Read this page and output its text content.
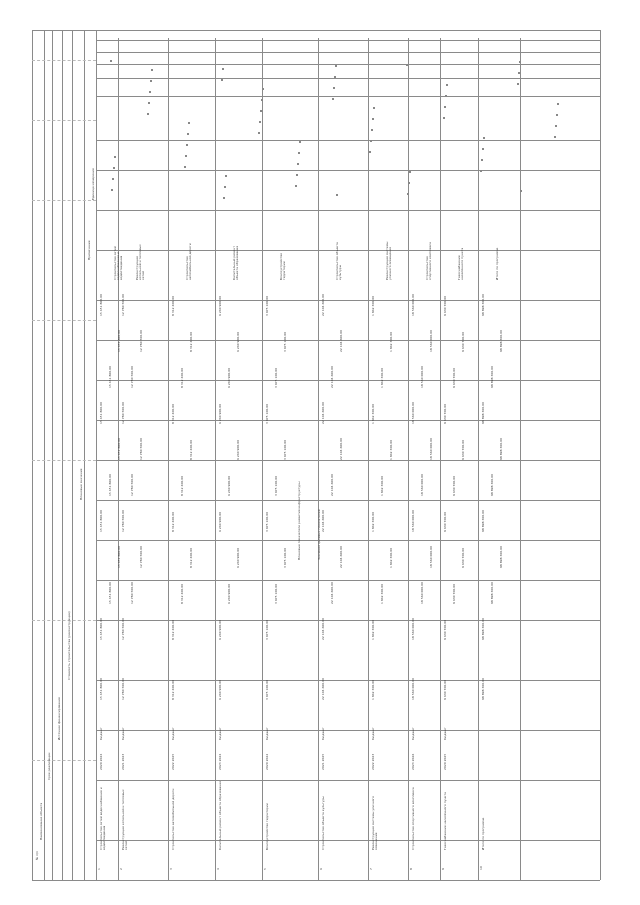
№ п/п
Наименование объекта
Срок реализации
Источник финансирования
Стоимость строительства (реконструкции)
Плановые значения
Примечание
Единица измерения
1
Строительство сетей водоснабжения и водоотведения
2020 2024
бюджет
15 451 800,00
15 451 800,00
15 451 800,00
15 451 800,00
15 451 800,00
15 451 800,00
15 451 800,00
15 451 800,00
15 451 800,00
15 451 800,00
15 451 800,00
Строительство сетей водоснабжения и водоотведения
2
Реконструкция котельной и тепловых сетей
2021 2023
бюджет
12 780 500,00
12 780 500,00
12 780 500,00
12 780 500,00
12 780 500,00
12 780 500,00
12 780 500,00
12 780 500,00
12 780 500,00
12 780 500,00
12 780 500,00
Реконструкция котельной и тепловых сетей
3
Строительство автомобильной дороги
2022 2025
бюджет
8 312 400,00
8 312 400,00
8 312 400,00
8 312 400,00
8 312 400,00
8 312 400,00
8 312 400,00
8 312 400,00
8 312 400,00
8 312 400,00
8 312 400,00
Строительство автомобильной дороги
4
Капитальный ремонт объекта образования
2023 2024
бюджет
6 240 900,00
6 240 900,00
6 240 900,00
6 240 900,00
6 240 900,00
6 240 900,00
6 240 900,00
6 240 900,00
6 240 900,00
6 240 900,00
6 240 900,00
Капитальный ремонт объекта образования
5
Благоустройство территории
2020 2022
бюджет
3 975 100,00
3 975 100,00
3 975 100,00
3 975 100,00
3 975 100,00
3 975 100,00
3 975 100,00
3 975 100,00
3 975 100,00
3 975 100,00
3 975 100,00
Благоустройство территории
6
Строительство объекта культуры
2021 2025
бюджет
22 104 600,00
22 104 600,00
22 104 600,00
22 104 600,00
22 104 600,00
22 104 600,00
22 104 600,00
22 104 600,00
22 104 600,00
22 104 600,00
22 104 600,00
Строительство объекта культуры
7
Реконструкция системы уличного освещения
2022 2023
бюджет
1 842 300,00
1 842 300,00
1 842 300,00
1 842 300,00
1 842 300,00
1 842 300,00
1 842 300,00
1 842 300,00
1 842 300,00
1 842 300,00
1 842 300,00
Реконструкция системы уличного освещения
8
Строительство спортивного комплекса
2023 2026
бюджет
18 560 000,00
18 560 000,00
18 560 000,00
18 560 000,00
18 560 000,00
18 560 000,00
18 560 000,00
18 560 000,00
18 560 000,00
18 560 000,00
18 560 000,00
Строительство спортивного комплекса
9
Газоснабжение населённого пункта
2020 2025
бюджет
9 630 700,00
9 630 700,00
9 630 700,00
9 630 700,00
9 630 700,00
9 630 700,00
9 630 700,00
9 630 700,00
9 630 700,00
9 630 700,00
9 630 700,00
Газоснабжение населённого пункта
10
Итого по программе
98 898 300,00
98 898 300,00
98 898 300,00
98 898 300,00
98 898 300,00
98 898 300,00
98 898 300,00
98 898 300,00
98 898 300,00
98 898 300,00
98 898 300,00
Итого по программе
Плановые показатели развития инфраструктуры	Значения целевых показателей
